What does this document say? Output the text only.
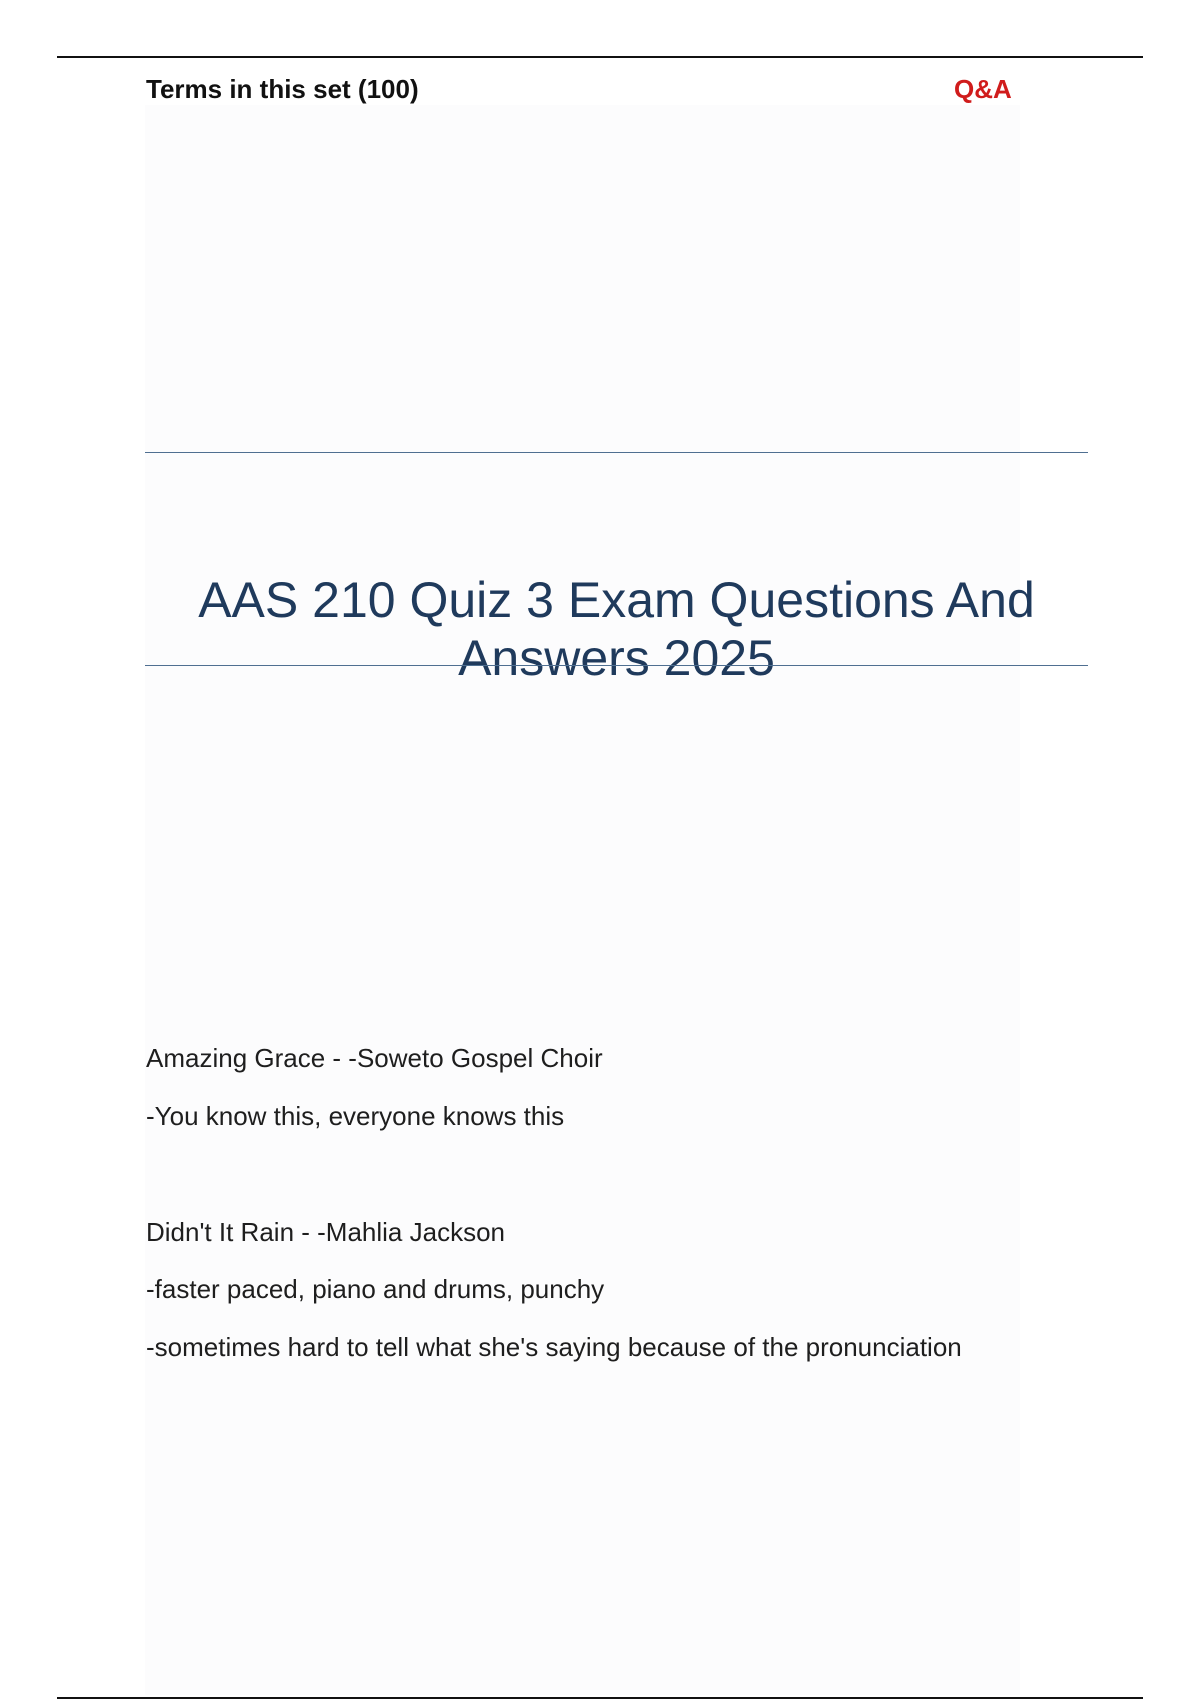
Terms in this set (100)	Q&A
AAS 210 Quiz 3 Exam Questions And
Answers 2025
Amazing Grace - -Soweto Gospel Choir
-You know this, everyone knows this
Didn't It Rain - -Mahlia Jackson
-faster paced, piano and drums, punchy
-sometimes hard to tell what she's saying because of the pronunciation
